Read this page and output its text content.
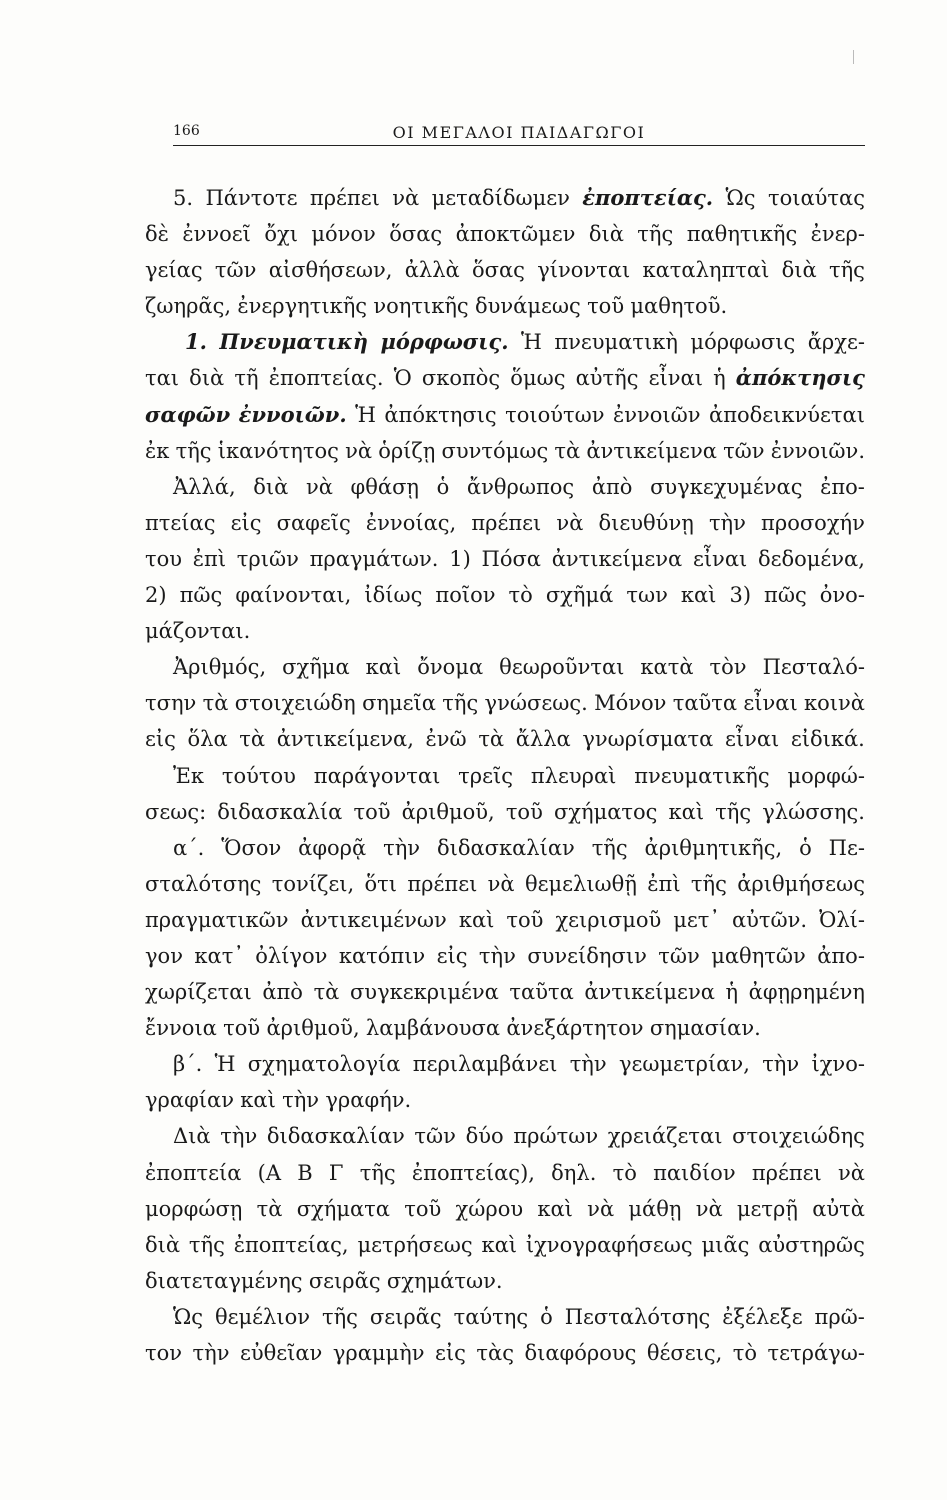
166	ΟΙ ΜΕΓΑΛΟΙ ΠΑΙΔΑΓΩΓΟΙ
5. Πάντοτε πρέπει νὰ μεταδίδωμεν ἐποπτείας. Ὡς τοιαύτας
δὲ ἐννοεῖ ὄχι μόνον ὅσας ἀποκτῶμεν διὰ τῆς παθητικῆς ἐνερ-
γείας τῶν αἰσθήσεων, ἀλλὰ ὅσας γίνονται καταληπταὶ διὰ τῆς
ζωηρᾶς, ἐνεργητικῆς νοητικῆς δυνάμεως τοῦ μαθητοῦ.
1. Πνευματικὴ μόρφωσις. Ἡ πνευματικὴ μόρφωσις ἄρχε-
ται διὰ τῆ ἐποπτείας. Ὁ σκοπὸς ὅμως αὐτῆς εἶναι ἡ ἀπόκτησις
σαφῶν ἐννοιῶν. Ἡ ἀπόκτησις τοιούτων ἐννοιῶν ἀποδεικνύεται
ἐκ τῆς ἱκανότητος νὰ ὁρίζῃ συντόμως τὰ ἀντικείμενα τῶν ἐννοιῶν.
Ἀλλά, διὰ νὰ φθάσῃ ὁ ἄνθρωπος ἀπὸ συγκεχυμένας ἐπο-
πτείας εἰς σαφεῖς ἐννοίας, πρέπει νὰ διευθύνῃ τὴν προσοχήν
του ἐπὶ τριῶν πραγμάτων. 1) Πόσα ἀντικείμενα εἶναι δεδομένα,
2) πῶς φαίνονται, ἰδίως ποῖον τὸ σχῆμά των καὶ 3) πῶς ὀνο-
μάζονται.
Ἀριθμός, σχῆμα καὶ ὄνομα θεωροῦνται κατὰ τὸν Πεσταλό-
τσην τὰ στοιχειώδη σημεῖα τῆς γνώσεως. Μόνον ταῦτα εἶναι κοινὰ
εἰς ὅλα τὰ ἀντικείμενα, ἐνῶ τὰ ἄλλα γνωρίσματα εἶναι εἰδικά.
Ἐκ τούτου παράγονται τρεῖς πλευραὶ πνευματικῆς μορφώ-
σεως: διδασκαλία τοῦ ἀριθμοῦ, τοῦ σχήματος καὶ τῆς γλώσσης.
α΄. Ὅσον ἀφορᾷ τὴν διδασκαλίαν τῆς ἀριθμητικῆς, ὁ Πε-
σταλότσης τονίζει, ὅτι πρέπει νὰ θεμελιωθῇ ἐπὶ τῆς ἀριθμήσεως
πραγματικῶν ἀντικειμένων καὶ τοῦ χειρισμοῦ μετ᾽ αὐτῶν. Ὀλί-
γον κατ᾽ ὀλίγον κατόπιν εἰς τὴν συνείδησιν τῶν μαθητῶν ἀπο-
χωρίζεται ἀπὸ τὰ συγκεκριμένα ταῦτα ἀντικείμενα ἡ ἀφῃρημένη
ἔννοια τοῦ ἀριθμοῦ, λαμβάνουσα ἀνεξάρτητον σημασίαν.
β΄. Ἡ σχηματολογία περιλαμβάνει τὴν γεωμετρίαν, τὴν ἰχνο-
γραφίαν καὶ τὴν γραφήν.
Διὰ τὴν διδασκαλίαν τῶν δύο πρώτων χρειάζεται στοιχειώδης
ἐποπτεία (Α Β Γ τῆς ἐποπτείας), δηλ. τὸ παιδίον πρέπει νὰ
μορφώσῃ τὰ σχήματα τοῦ χώρου καὶ νὰ μάθῃ νὰ μετρῇ αὐτὰ
διὰ τῆς ἐποπτείας, μετρήσεως καὶ ἰχνογραφήσεως μιᾶς αὐστηρῶς
διατεταγμένης σειρᾶς σχημάτων.
Ὡς θεμέλιον τῆς σειρᾶς ταύτης ὁ Πεσταλότσης ἐξέλεξε πρῶ-
τον τὴν εὐθεῖαν γραμμὴν εἰς τὰς διαφόρους θέσεις, τὸ τετράγω-
